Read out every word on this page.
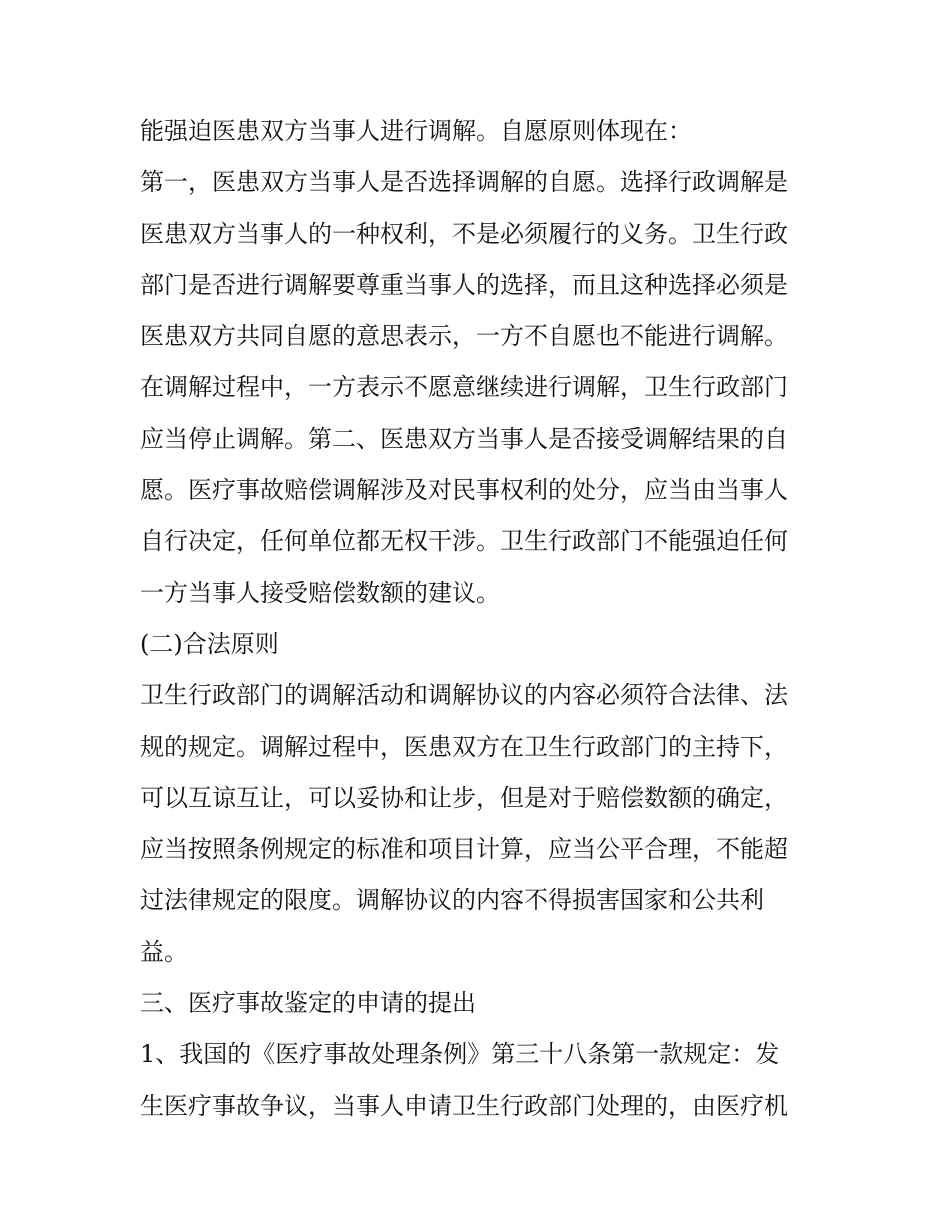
能强迫医患双方当事人进行调解。自愿原则体现在：
第一，医患双方当事人是否选择调解的自愿。选择行政调解是
医患双方当事人的一种权利，不是必须履行的义务。卫生行政
部门是否进行调解要尊重当事人的选择，而且这种选择必须是
医患双方共同自愿的意思表示，一方不自愿也不能进行调解。
在调解过程中，一方表示不愿意继续进行调解，卫生行政部门
应当停止调解。第二、医患双方当事人是否接受调解结果的自
愿。医疗事故赔偿调解涉及对民事权利的处分，应当由当事人
自行决定，任何单位都无权干涉。卫生行政部门不能强迫任何
一方当事人接受赔偿数额的建议。
(二)合法原则
卫生行政部门的调解活动和调解协议的内容必须符合法律、法
规的规定。调解过程中，医患双方在卫生行政部门的主持下，
可以互谅互让，可以妥协和让步，但是对于赔偿数额的确定，
应当按照条例规定的标准和项目计算，应当公平合理，不能超
过法律规定的限度。调解协议的内容不得损害国家和公共利
益。
三、医疗事故鉴定的申请的提出
1、我国的《医疗事故处理条例》第三十八条第一款规定：发
生医疗事故争议，当事人申请卫生行政部门处理的，由医疗机
